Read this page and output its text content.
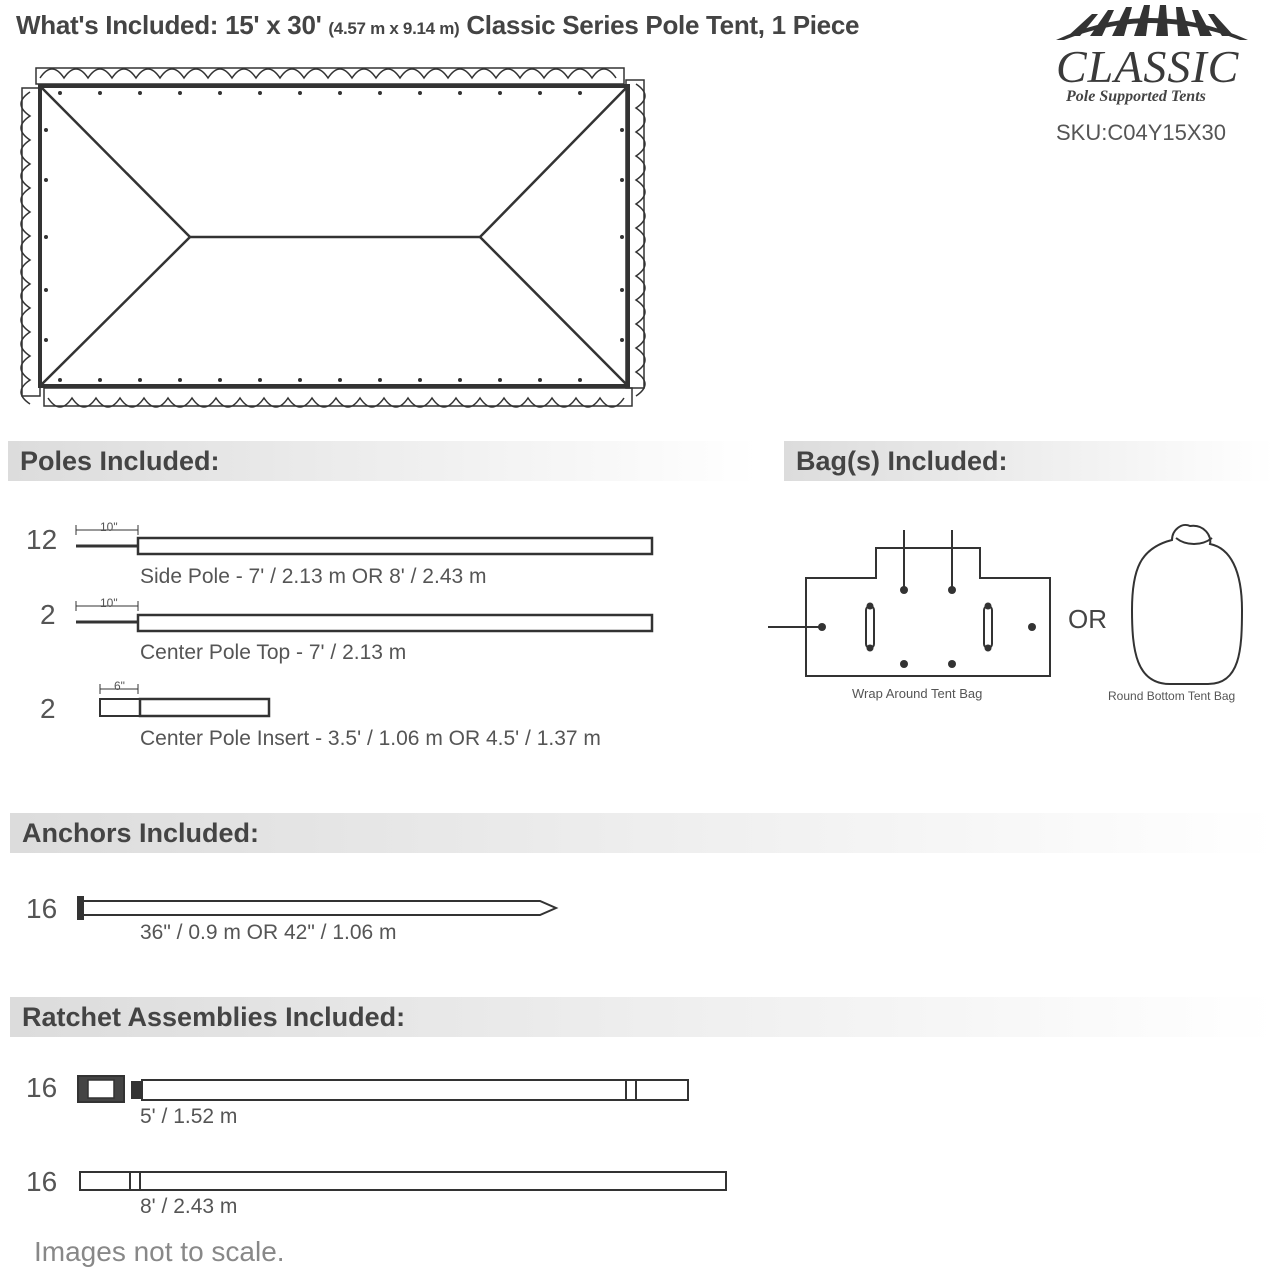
What's Included: 15' x 30' (4.57 m x 9.14 m) Classic Series Pole Tent, 1 Piece
CLASSIC
Pole Supported Tents
SKU:C04Y15X30
Poles Included:	Bag(s) Included:
Anchors Included:
Ratchet Assemblies Included:
12	10"
Side Pole - 7' / 2.13 m OR 8' / 2.43 m
2	10"
Center Pole Top - 7' / 2.13 m
2
6"
Center Pole Insert - 3.5' / 1.06 m OR 4.5' / 1.37 m
Wrap Around Tent Bag
OR
Round Bottom Tent Bag
16
36" / 0.9 m OR 42" / 1.06 m
16
5' / 1.52 m
16
8' / 2.43 m
Images not to scale.
